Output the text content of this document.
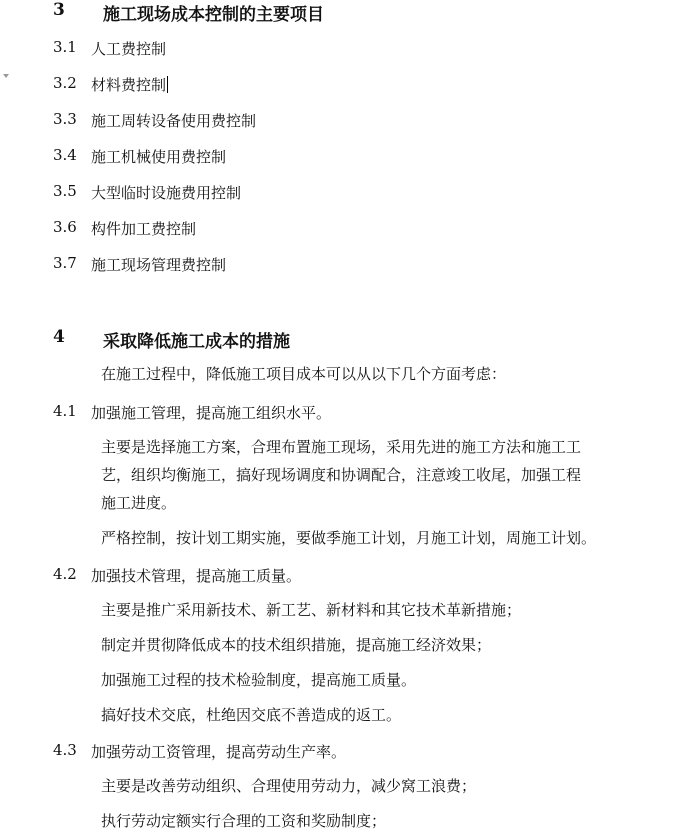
3 施工现场成本控制的主要项目
3.1 人工费控制
3.2 材料费控制
3.3 施工周转设备使用费控制
3.4 施工机械使用费控制
3.5 大型临时设施费用控制
3.6 构件加工费控制
3.7 施工现场管理费控制
4 采取降低施工成本的措施
在施工过程中，降低施工项目成本可以从以下几个方面考虑：
4.1 加强施工管理，提高施工组织水平。
主要是选择施工方案，合理布置施工现场，采用先进的施工方法和施工工
艺，组织均衡施工，搞好现场调度和协调配合，注意竣工收尾，加强工程
施工进度。
严格控制，按计划工期实施，要做季施工计划，月施工计划，周施工计划。
4.2 加强技术管理，提高施工质量。
主要是推广采用新技术、新工艺、新材料和其它技术革新措施；
制定并贯彻降低成本的技术组织措施，提高施工经济效果；
加强施工过程的技术检验制度，提高施工质量。
搞好技术交底，杜绝因交底不善造成的返工。
4.3 加强劳动工资管理，提高劳动生产率。
主要是改善劳动组织、合理使用劳动力，减少窝工浪费；
执行劳动定额实行合理的工资和奖励制度；
